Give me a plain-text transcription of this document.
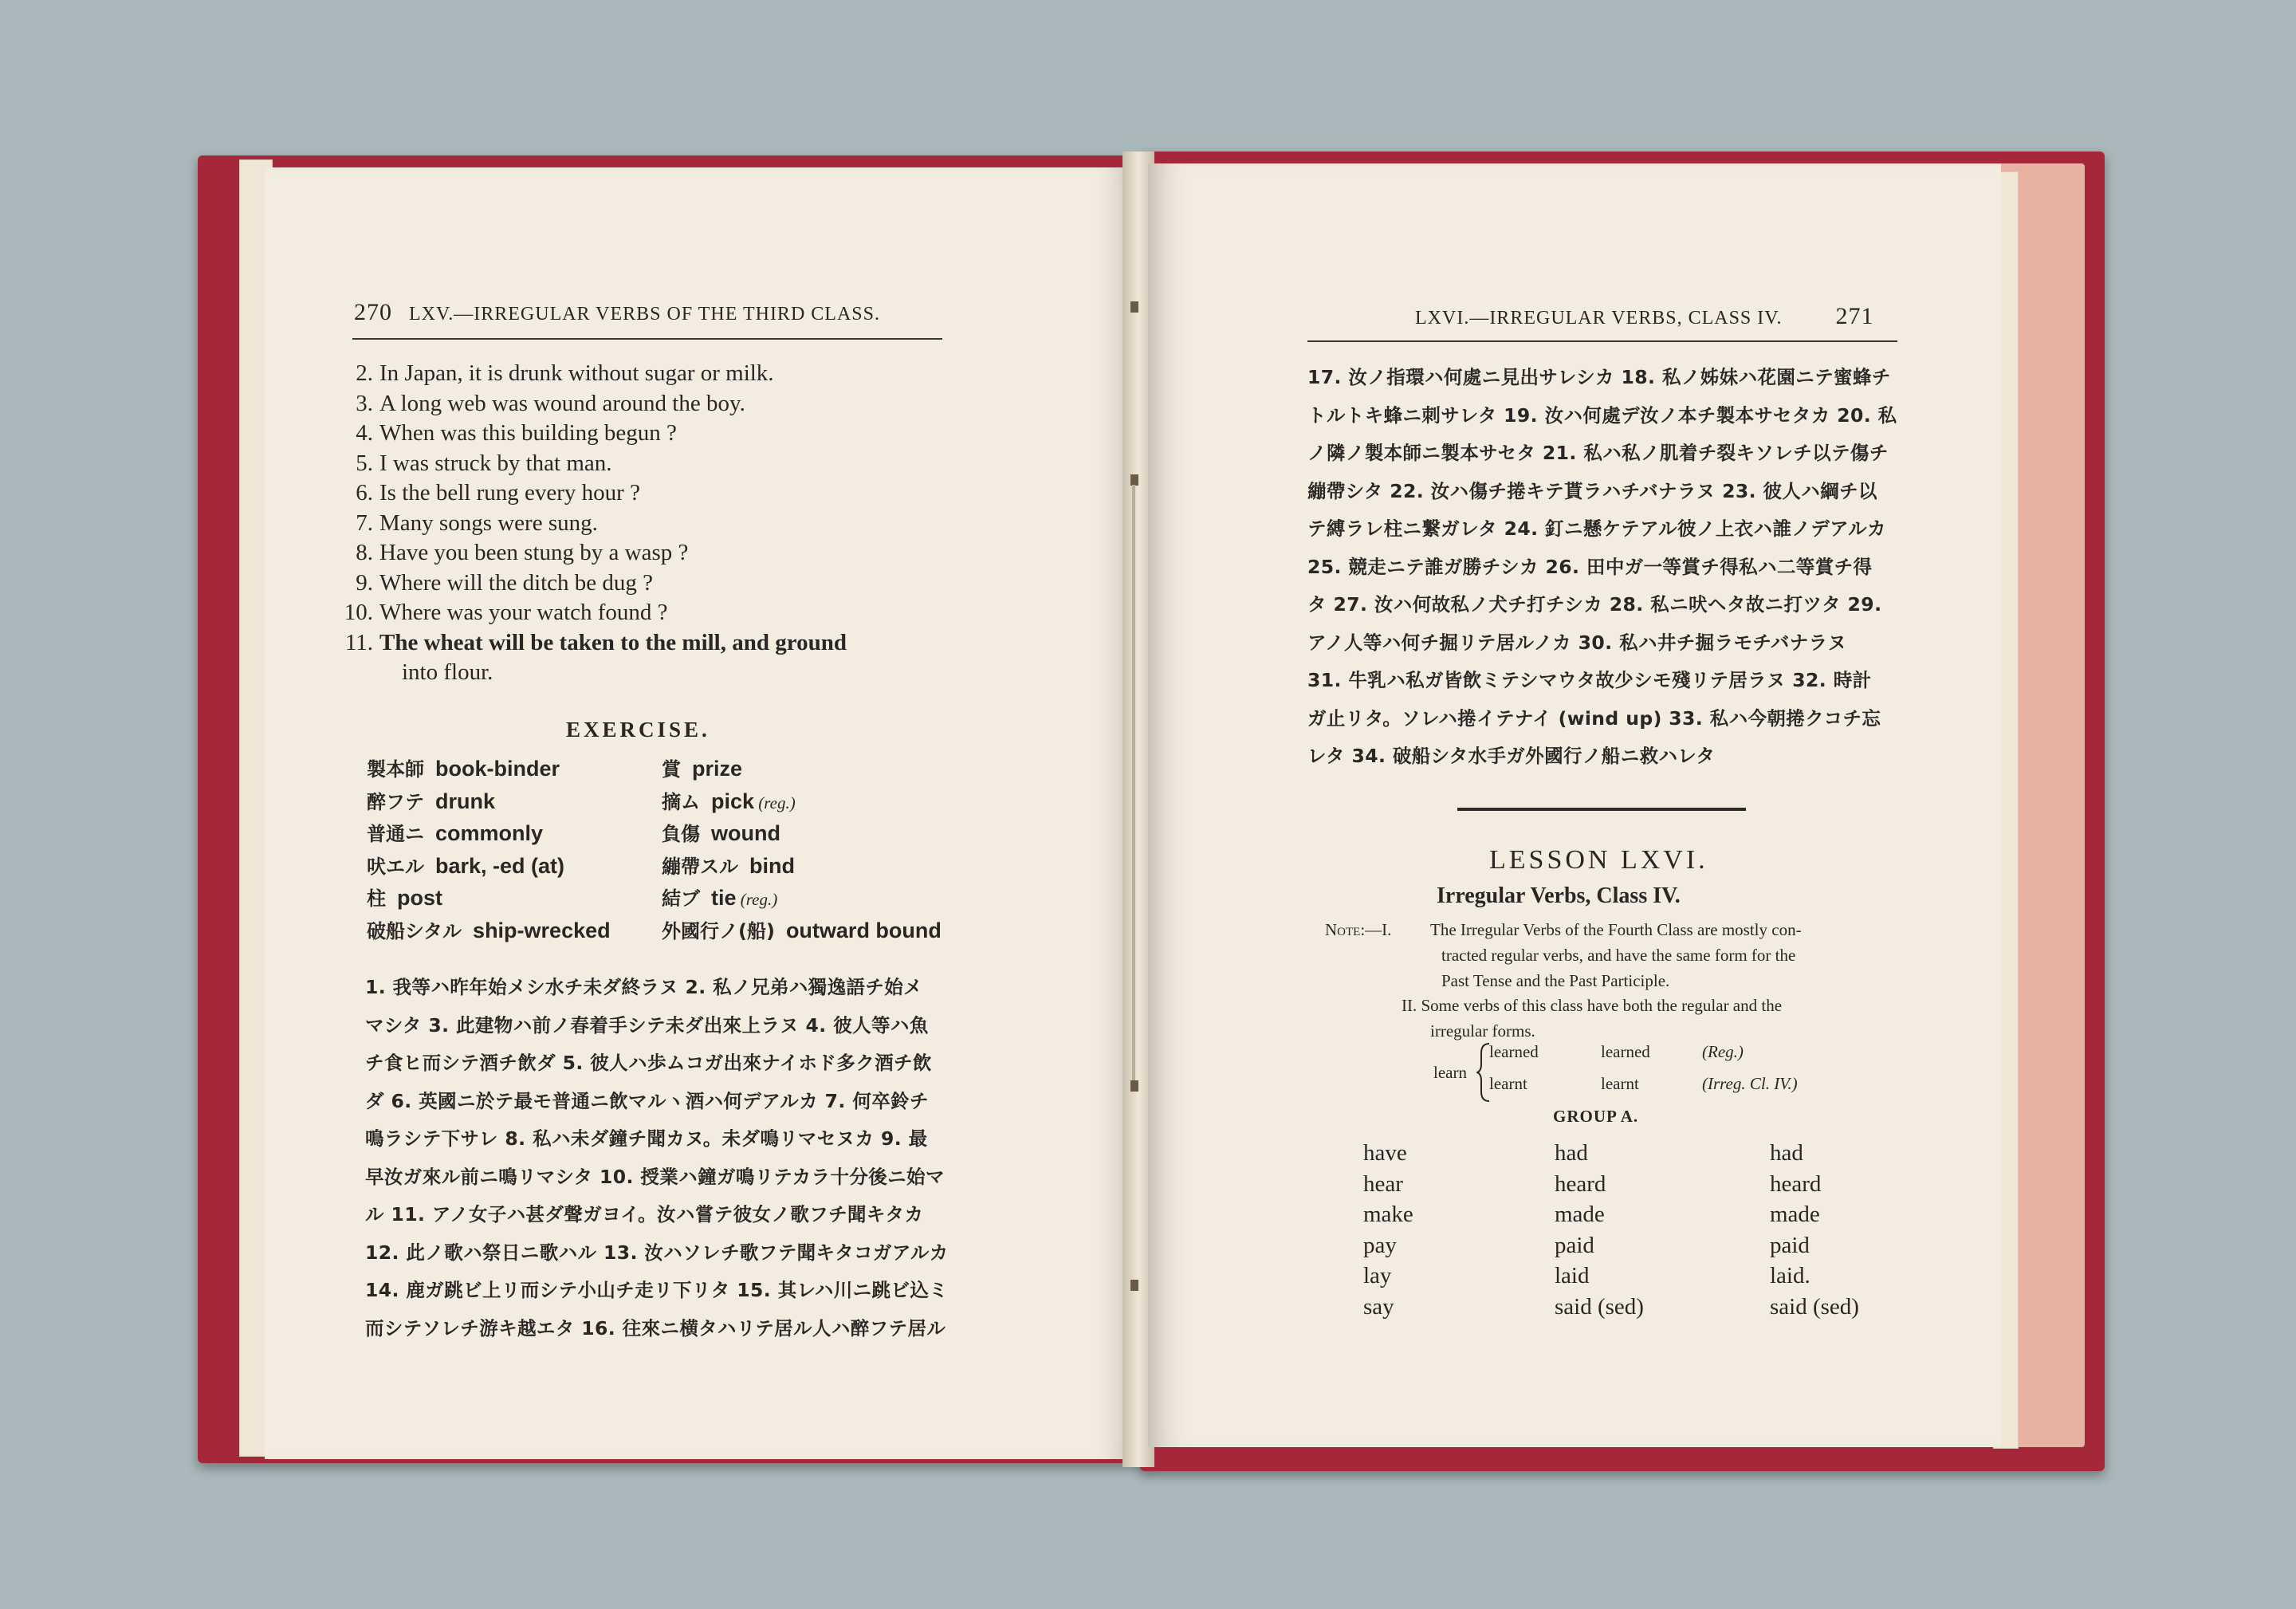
270 LXV.—IRREGULAR VERBS OF THE THIRD CLASS.
2. In Japan, it is drunk without sugar or milk.
3. A long web was wound around the boy.
4. When was this building begun ?
5. I was struck by that man.
6. Is the bell rung every hour ?
7. Many songs were sung.
8. Have you been stung by a wasp ?
9. Where will the ditch be dug ?
10. Where was your watch found ?
11. The wheat will be taken to the mill, and ground
into flour.
EXERCISE.
製本師 book-binder	賞 prize
醉フテ drunk	摘ム pick (reg.)
普通ニ commonly	負傷 wound
吠エル bark, -ed (at)	繃帶スル bind
柱 post	結ブ tie (reg.)
破船シタル ship-wrecked	外國行ノ(船) outward bound
1. 我等ハ昨年始メシ水チ未ダ終ラヌ 2. 私ノ兄弟ハ獨逸語チ始メ
マシタ 3. 此建物ハ前ノ春着手シテ未ダ出來上ラヌ 4. 彼人等ハ魚
チ食ヒ而シテ酒チ飲ダ 5. 彼人ハ歩ムコガ出來ナイホド多ク酒チ飲
ダ 6. 英國ニ於テ最モ普通ニ飲マルヽ酒ハ何デアルカ 7. 何卒鈴チ
鳴ラシテ下サレ 8. 私ハ未ダ鐘チ聞カヌ。未ダ鳴リマセヌカ 9. 最
早汝ガ來ル前ニ鳴リマシタ 10. 授業ハ鐘ガ鳴リテカラ十分後ニ始マ
ル 11. アノ女子ハ甚ダ聲ガヨイ。汝ハ嘗テ彼女ノ歌フチ聞キタカ
12. 此ノ歌ハ祭日ニ歌ハル 13. 汝ハソレチ歌フテ聞キタコガアルカ
14. 鹿ガ跳ビ上リ而シテ小山チ走リ下リタ 15. 其レハ川ニ跳ビ込ミ
而シテソレチ游キ越エタ 16. 往來ニ横タハリテ居ル人ハ醉フテ居ル
LXVI.—IRREGULAR VERBS, CLASS IV. 271
17. 汝ノ指環ハ何處ニ見出サレシカ 18. 私ノ姊妹ハ花園ニテ蜜蜂チ
トルトキ蜂ニ刺サレタ 19. 汝ハ何處デ汝ノ本チ製本サセタカ 20. 私
ノ隣ノ製本師ニ製本サセタ 21. 私ハ私ノ肌着チ裂キソレチ以テ傷チ
繃帶シタ 22. 汝ハ傷チ捲キテ貰ラハチバナラヌ 23. 彼人ハ綱チ以
テ縛ラレ柱ニ繋ガレタ 24. 釘ニ懸ケテアル彼ノ上衣ハ誰ノデアルカ
25. 競走ニテ誰ガ勝チシカ 26. 田中ガ一等賞チ得私ハ二等賞チ得
タ 27. 汝ハ何故私ノ犬チ打チシカ 28. 私ニ吠ヘタ故ニ打ツタ 29.
アノ人等ハ何チ掘リテ居ルノカ 30. 私ハ井チ掘ラモチバナラヌ
31. 牛乳ハ私ガ皆飲ミテシマウタ故少シモ殘リテ居ラヌ 32. 時計
ガ止リタ。ソレハ捲イテナイ (wind up) 33. 私ハ今朝捲クコチ忘
レタ 34. 破船シタ水手ガ外國行ノ船ニ救ハレタ
LESSON LXVI.
Irregular Verbs, Class IV.
Note:—I. The Irregular Verbs of the Fourth Class are mostly con-
tracted regular verbs, and have the same form for the
Past Tense and the Past Participle.
II. Some verbs of this class have both the regular and the
irregular forms.
learn
learned	learned	(Reg.)
learnt	learnt	(Irreg. Cl. IV.)
GROUP A.
have	had	had
hear	heard	heard
make	made	made
pay	paid	paid
lay	laid	laid.
say	said (sed)	said (sed)
